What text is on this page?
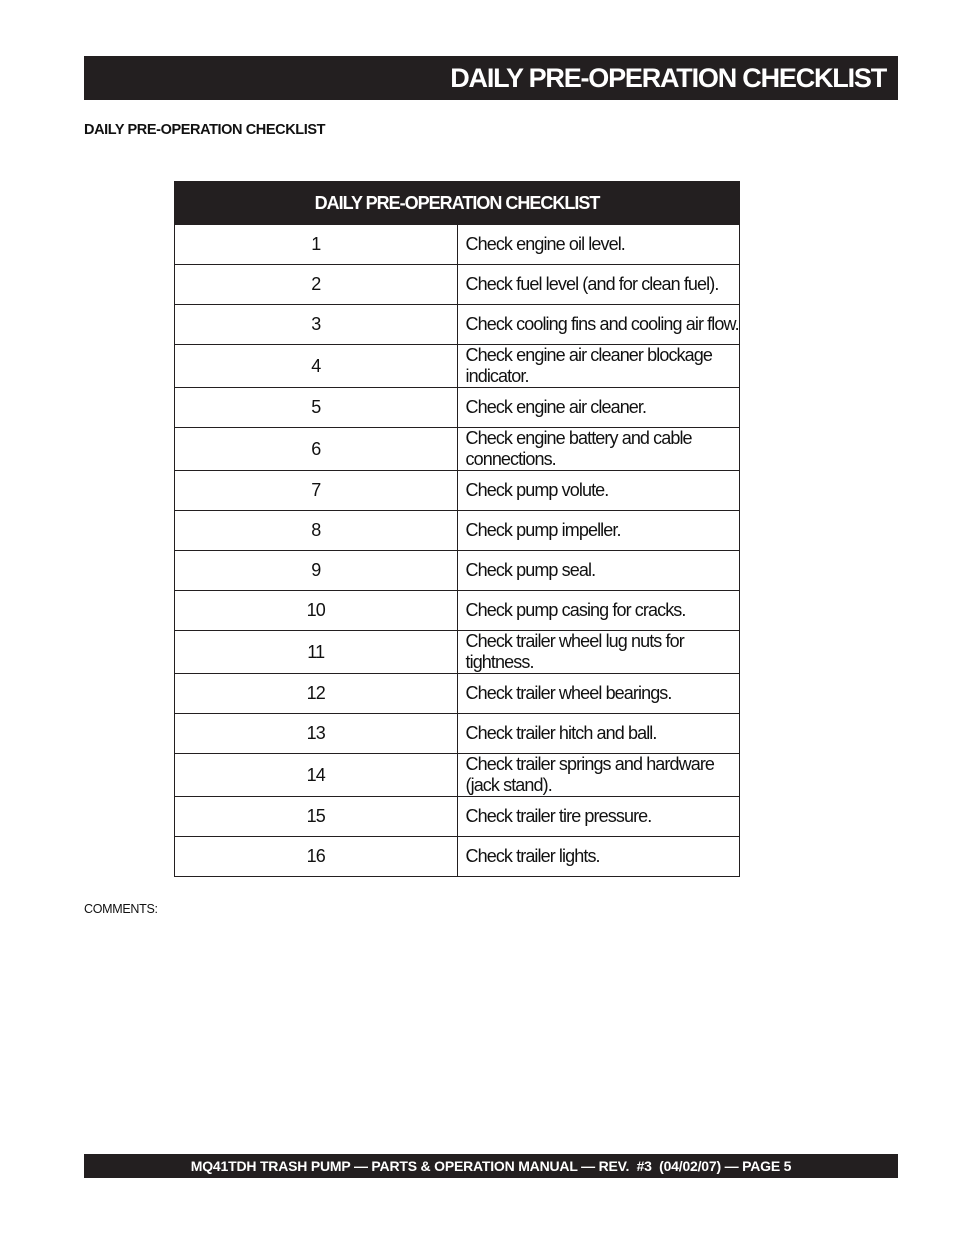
DAILY PRE-OPERATION CHECKLIST
DAILY PRE-OPERATION CHECKLIST
DAILY PRE-OPERATION CHECKLIST	
1	Check engine oil level.
2	Check fuel level (and for clean fuel).
3	Check cooling fins and cooling air flow.
4	Check engine air cleaner blockage indicator.
5	Check engine air cleaner.
6	Check engine battery and cable connections.
7	Check pump volute.
8	Check pump impeller.
9	Check pump seal.
10	Check pump casing for cracks.
11	Check trailer wheel lug nuts for tightness.
12	Check trailer wheel bearings.
13	Check trailer hitch and ball.
14	Check trailer springs and hardware (jack stand).
15	Check trailer tire pressure.
16	Check trailer lights.
COMMENTS:
MQ41TDH TRASH PUMP — PARTS & OPERATION MANUAL — REV.  #3  (04/02/07) — PAGE 5
